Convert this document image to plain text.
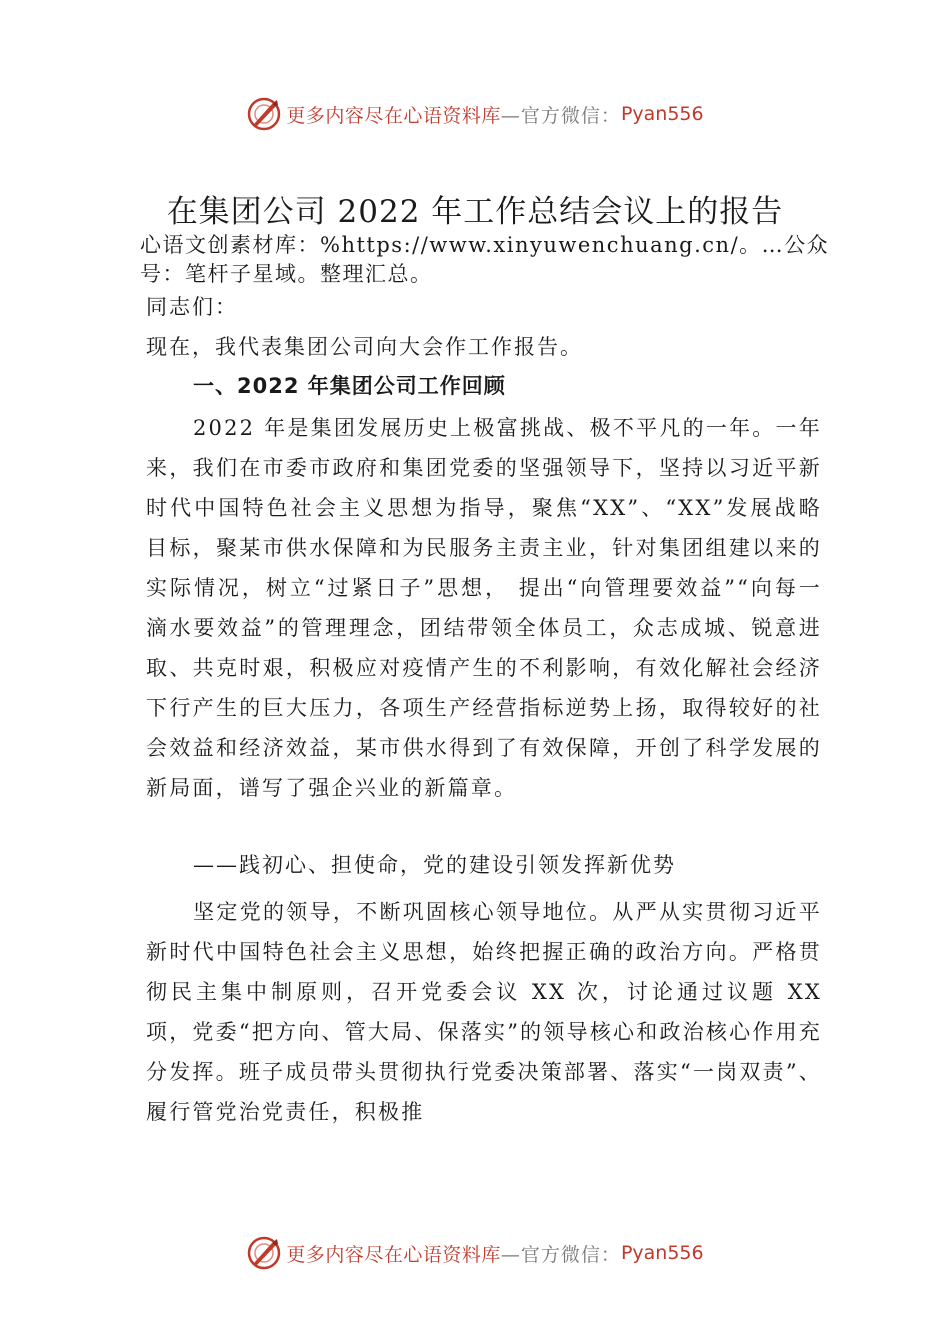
更多内容尽在心语资料库 —官方微信： Pyan556
在集团公司 2022 年工作总结会议上的报告
心语文创素材库：%https://www.xinyuwenchuang.cn/。…公众号：笔杆子星域。整理汇总。
同志们：
现在，我代表集团公司向大会作工作报告。
一、2022 年集团公司工作回顾
2022 年是集团发展历史上极富挑战、极不平凡的一年。一年来，我们在市委市政府和集团党委的坚强领导下，坚持以习近平新时代中国特色社会主义思想为指导，聚焦“XX”、“XX”发展战略目标，聚某市供水保障和为民服务主责主业，针对集团组建以来的实际情况，树立“过紧日子”思想， 提出“向管理要效益”“向每一滴水要效益”的管理理念，团结带领全体员工，众志成城、锐意进取、共克时艰，积极应对疫情产生的不利影响，有效化解社会经济下行产生的巨大压力，各项生产经营指标逆势上扬，取得较好的社会效益和经济效益，某市供水得到了有效保障，开创了科学发展的新局面，谱写了强企兴业的新篇章。
——践初心、担使命，党的建设引领发挥新优势
坚定党的领导，不断巩固核心领导地位。从严从实贯彻习近平新时代中国特色社会主义思想，始终把握正确的政治方向。严格贯彻民主集中制原则，召开党委会议 XX 次，讨论通过议题 XX 项，党委“把方向、管大局、保落实”的领导核心和政治核心作用充分发挥。班子成员带头贯彻执行党委决策部署、落实“一岗双责”、履行管党治党责任，积极推
更多内容尽在心语资料库 —官方微信： Pyan556
